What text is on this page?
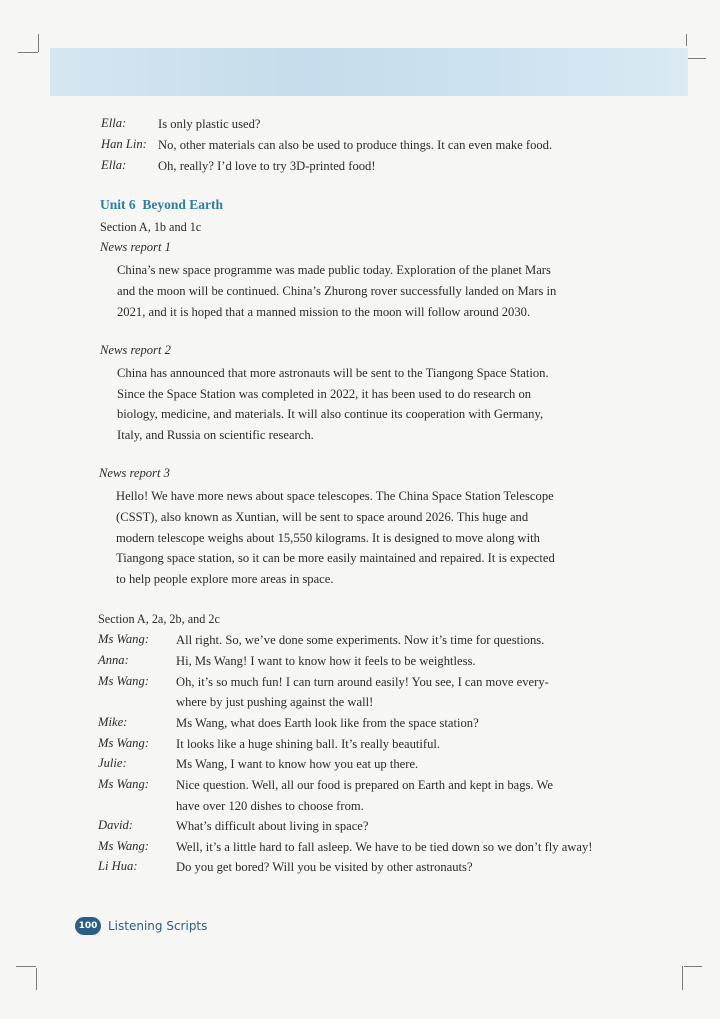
Ella:	Is only plastic used?
Han Lin: No, other materials can also be used to produce things. It can even make food.
Ella:	Oh, really? I’d love to try 3D-printed food!
Unit 6 Beyond Earth
Section A, 1b and 1c
News report 1
China’s new space programme was made public today. Exploration of the planet Mars
and the moon will be continued. China’s Zhurong rover successfully landed on Mars in
2021, and it is hoped that a manned mission to the moon will follow around 2030.
News report 2
China has announced that more astronauts will be sent to the Tiangong Space Station.
Since the Space Station was completed in 2022, it has been used to do research on
biology, medicine, and materials. It will also continue its cooperation with Germany,
Italy, and Russia on scientific research.
News report 3
Hello! We have more news about space telescopes. The China Space Station Telescope
(CSST), also known as Xuntian, will be sent to space around 2026. This huge and
modern telescope weighs about 15,550 kilograms. It is designed to move along with
Tiangong space station, so it can be more easily maintained and repaired. It is expected
to help people explore more areas in space.
Section A, 2a, 2b, and 2c
Ms Wang: All right. So, we’ve done some experiments. Now it’s time for questions.
Anna:	Hi, Ms Wang! I want to know how it feels to be weightless.
Ms Wang: Oh, it’s so much fun! I can turn around easily! You see, I can move every-
where by just pushing against the wall!
Mike:	Ms Wang, what does Earth look like from the space station?
Ms Wang: It looks like a huge shining ball. It’s really beautiful.
Julie:	Ms Wang, I want to know how you eat up there.
Ms Wang: Nice question. Well, all our food is prepared on Earth and kept in bags. We
have over 120 dishes to choose from.
David:	What’s difficult about living in space?
Ms Wang: Well, it’s a little hard to fall asleep. We have to be tied down so we don’t fly away!
Li Hua:	Do you get bored? Will you be visited by other astronauts?
100 Listening Scripts
